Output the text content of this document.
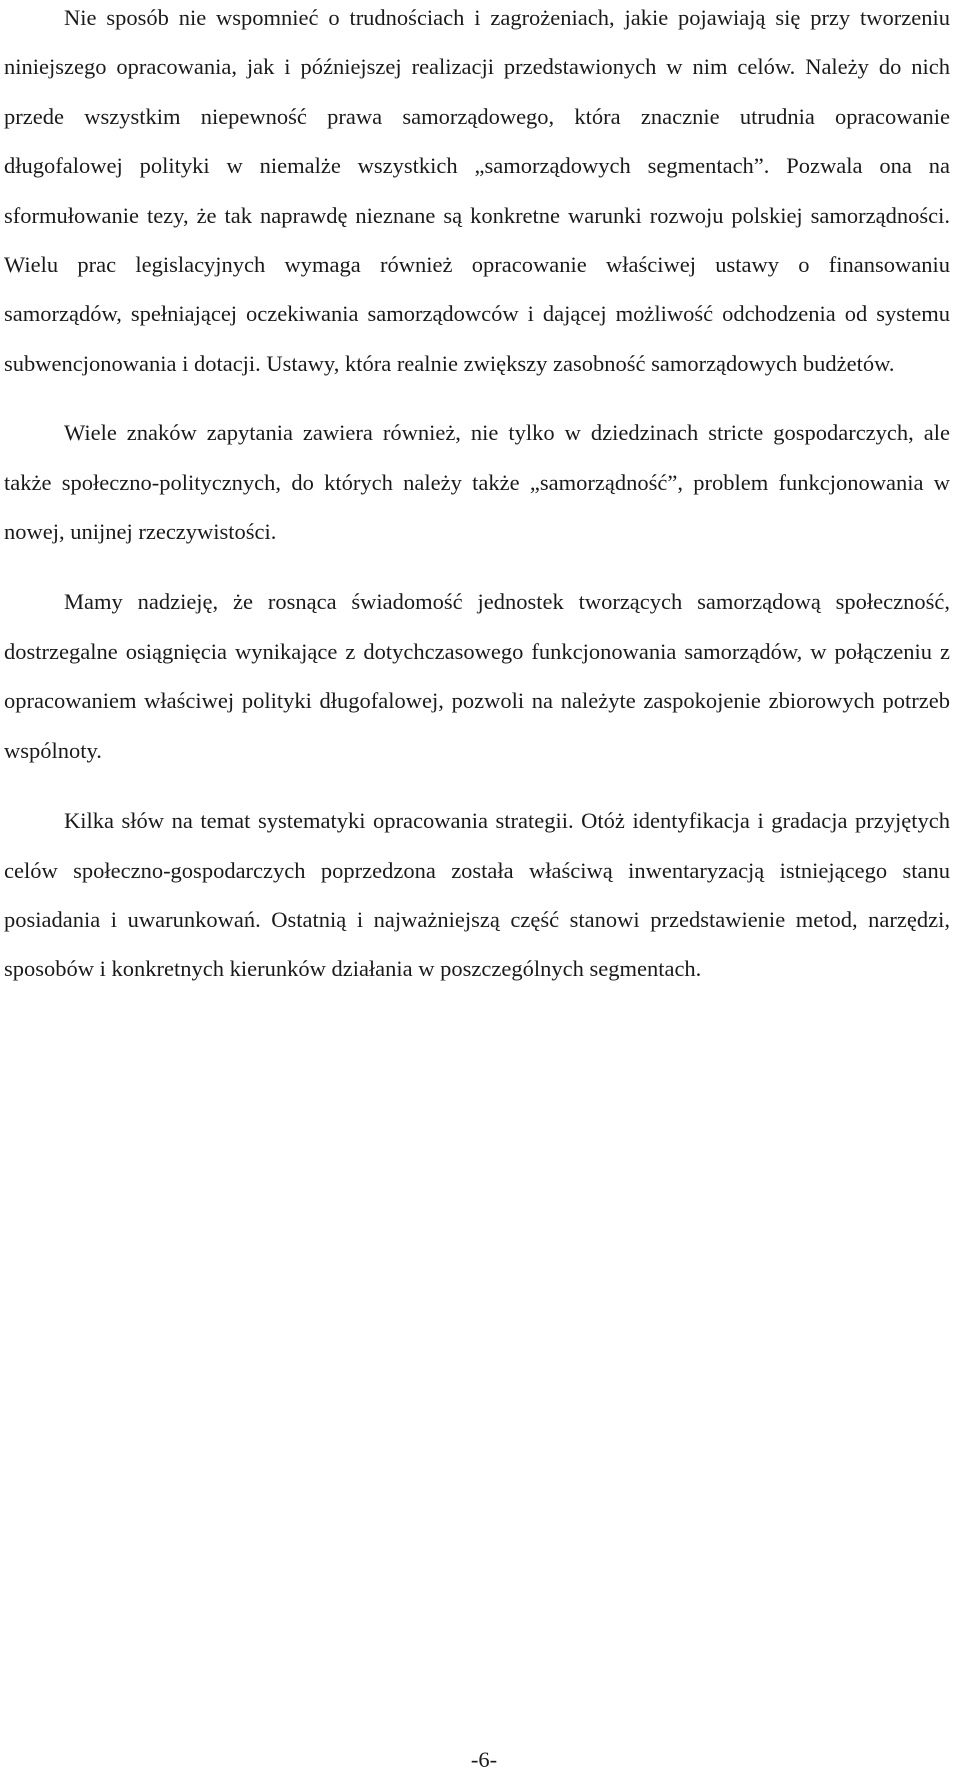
Nie sposób nie wspomnieć o trudnościach i zagrożeniach, jakie pojawiają się przy tworzeniu niniejszego opracowania, jak i późniejszej realizacji przedstawionych w nim celów. Należy do nich przede wszystkim niepewność prawa samorządowego, która znacznie utrudnia opracowanie długofalowej polityki w niemalże wszystkich „samorządowych segmentach”. Pozwala ona na sformułowanie tezy, że tak naprawdę nieznane są konkretne warunki rozwoju polskiej samorządności. Wielu prac legislacyjnych wymaga również opracowanie właściwej ustawy o finansowaniu samorządów, spełniającej oczekiwania samorządowców i dającej możliwość odchodzenia od systemu subwencjonowania i dotacji. Ustawy, która realnie zwiększy zasobność samorządowych budżetów.

Wiele znaków zapytania zawiera również, nie tylko w dziedzinach stricte gospodarczych, ale także społeczno-politycznych, do których należy także „samorządność”, problem funkcjonowania w nowej, unijnej rzeczywistości.

Mamy nadzieję, że rosnąca świadomość jednostek tworzących samorządową społeczność, dostrzegalne osiągnięcia wynikające z dotychczasowego funkcjonowania samorządów, w połączeniu z opracowaniem właściwej polityki długofalowej, pozwoli na należyte zaspokojenie zbiorowych potrzeb wspólnoty.

Kilka słów na temat systematyki opracowania strategii. Otóż identyfikacja i gradacja przyjętych celów społeczno-gospodarczych poprzedzona została właściwą inwentaryzacją istniejącego stanu posiadania i uwarunkowań. Ostatnią i najważniejszą część stanowi przedstawienie metod, narzędzi, sposobów i konkretnych kierunków działania w poszczególnych segmentach.

-6-
